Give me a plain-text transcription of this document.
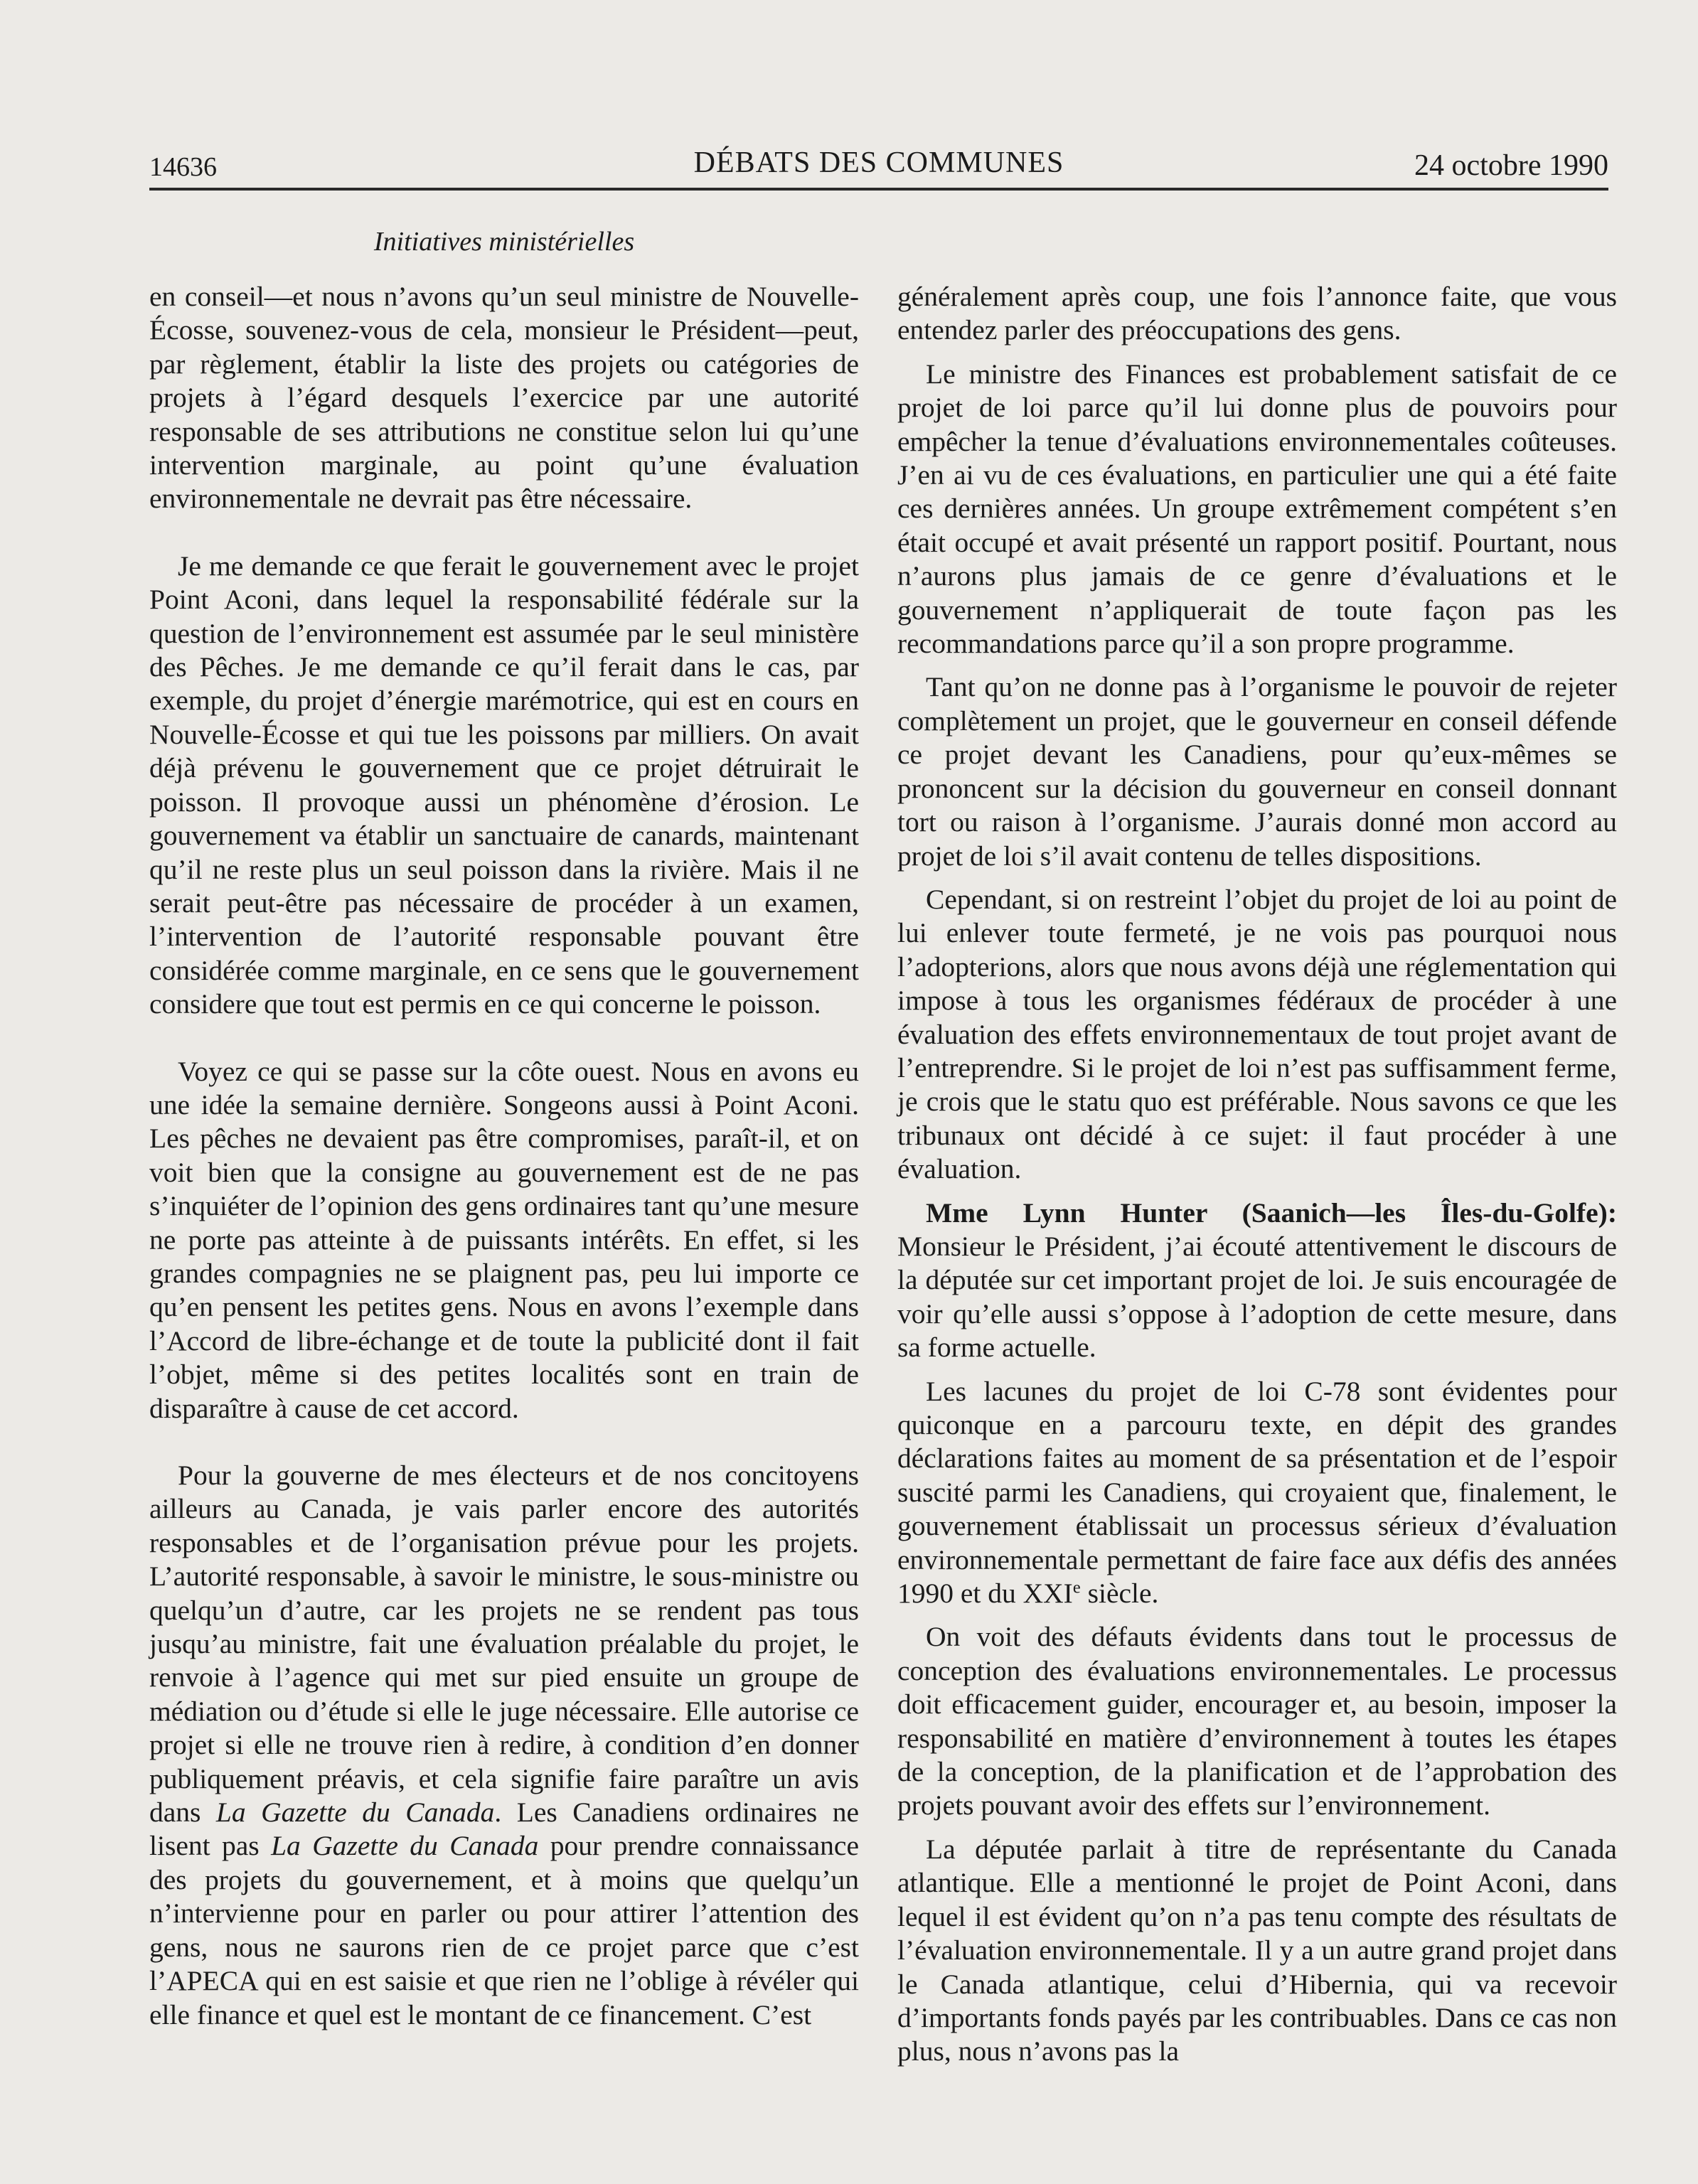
14636	DÉBATS DES COMMUNES	24 octobre 1990
Initiatives ministérielles

en conseil—et nous n’avons qu’un seul ministre de Nouvelle-Écosse, souvenez-vous de cela, monsieur le Président—peut, par règlement, établir la liste des projets ou catégories de projets à l’égard desquels l’exercice par une autorité responsable de ses attributions ne constitue selon lui qu’une intervention marginale, au point qu’une évaluation environnementale ne devrait pas être nécessaire.

Je me demande ce que ferait le gouvernement avec le projet Point Aconi, dans lequel la responsabilité fédérale sur la question de l’environnement est assumée par le seul ministère des Pêches. Je me demande ce qu’il ferait dans le cas, par exemple, du projet d’énergie marémotrice, qui est en cours en Nouvelle-Écosse et qui tue les poissons par milliers. On avait déjà prévenu le gouvernement que ce projet détruirait le poisson. Il provoque aussi un phénomène d’érosion. Le gouvernement va établir un sanctuaire de canards, maintenant qu’il ne reste plus un seul poisson dans la rivière. Mais il ne serait peut-être pas nécessaire de procéder à un examen, l’intervention de l’autorité responsable pouvant être considérée comme marginale, en ce sens que le gouvernement considere que tout est permis en ce qui concerne le poisson.

Voyez ce qui se passe sur la côte ouest. Nous en avons eu une idée la semaine dernière. Songeons aussi à Point Aconi. Les pêches ne devaient pas être compromises, paraît-il, et on voit bien que la consigne au gouvernement est de ne pas s’inquiéter de l’opinion des gens ordinaires tant qu’une mesure ne porte pas atteinte à de puissants intérêts. En effet, si les grandes compagnies ne se plaignent pas, peu lui importe ce qu’en pensent les petites gens. Nous en avons l’exemple dans l’Accord de libre-échange et de toute la publicité dont il fait l’objet, même si des petites localités sont en train de disparaître à cause de cet accord.

Pour la gouverne de mes électeurs et de nos concitoyens ailleurs au Canada, je vais parler encore des autorités responsables et de l’organisation prévue pour les projets. L’autorité responsable, à savoir le ministre, le sous-ministre ou quelqu’un d’autre, car les projets ne se rendent pas tous jusqu’au ministre, fait une évaluation préalable du projet, le renvoie à l’agence qui met sur pied ensuite un groupe de médiation ou d’étude si elle le juge nécessaire. Elle autorise ce projet si elle ne trouve rien à redire, à condition d’en donner publiquement préavis, et cela signifie faire paraître un avis dans La Gazette du Canada. Les Canadiens ordinaires ne lisent pas La Gazette du Canada pour prendre connaissance des projets du gouvernement, et à moins que quelqu’un n’intervienne pour en parler ou pour attirer l’attention des gens, nous ne saurons rien de ce projet parce que c’est l’APECA qui en est saisie et que rien ne l’oblige à révéler qui elle finance et quel est le montant de ce financement. C’est

généralement après coup, une fois l’annonce faite, que vous entendez parler des préoccupations des gens.

Le ministre des Finances est probablement satisfait de ce projet de loi parce qu’il lui donne plus de pouvoirs pour empêcher la tenue d’évaluations environnementales coûteuses. J’en ai vu de ces évaluations, en particulier une qui a été faite ces dernières années. Un groupe extrêmement compétent s’en était occupé et avait présenté un rapport positif. Pourtant, nous n’aurons plus jamais de ce genre d’évaluations et le gouvernement n’appliquerait de toute façon pas les recommandations parce qu’il a son propre programme.

Tant qu’on ne donne pas à l’organisme le pouvoir de rejeter complètement un projet, que le gouverneur en conseil défende ce projet devant les Canadiens, pour qu’eux-mêmes se prononcent sur la décision du gouverneur en conseil donnant tort ou raison à l’organisme. J’aurais donné mon accord au projet de loi s’il avait contenu de telles dispositions.

Cependant, si on restreint l’objet du projet de loi au point de lui enlever toute fermeté, je ne vois pas pourquoi nous l’adopterions, alors que nous avons déjà une réglementation qui impose à tous les organismes fédéraux de procéder à une évaluation des effets environnementaux de tout projet avant de l’entreprendre. Si le projet de loi n’est pas suffisamment ferme, je crois que le statu quo est préférable. Nous savons ce que les tribunaux ont décidé à ce sujet: il faut procéder à une évaluation.

Mme Lynn Hunter (Saanich—les Îles-du-Golfe): Monsieur le Président, j’ai écouté attentivement le discours de la députée sur cet important projet de loi. Je suis encouragée de voir qu’elle aussi s’oppose à l’adoption de cette mesure, dans sa forme actuelle.

Les lacunes du projet de loi C-78 sont évidentes pour quiconque en a parcouru texte, en dépit des grandes déclarations faites au moment de sa présentation et de l’espoir suscité parmi les Canadiens, qui croyaient que, finalement, le gouvernement établissait un processus sérieux d’évaluation environnementale permettant de faire face aux défis des années 1990 et du XXIe siècle.

On voit des défauts évidents dans tout le processus de conception des évaluations environnementales. Le processus doit efficacement guider, encourager et, au besoin, imposer la responsabilité en matière d’environnement à toutes les étapes de la conception, de la planification et de l’approbation des projets pouvant avoir des effets sur l’environnement.

La députée parlait à titre de représentante du Canada atlantique. Elle a mentionné le projet de Point Aconi, dans lequel il est évident qu’on n’a pas tenu compte des résultats de l’évaluation environnementale. Il y a un autre grand projet dans le Canada atlantique, celui d’Hibernia, qui va recevoir d’importants fonds payés par les contribuables. Dans ce cas non plus, nous n’avons pas la
